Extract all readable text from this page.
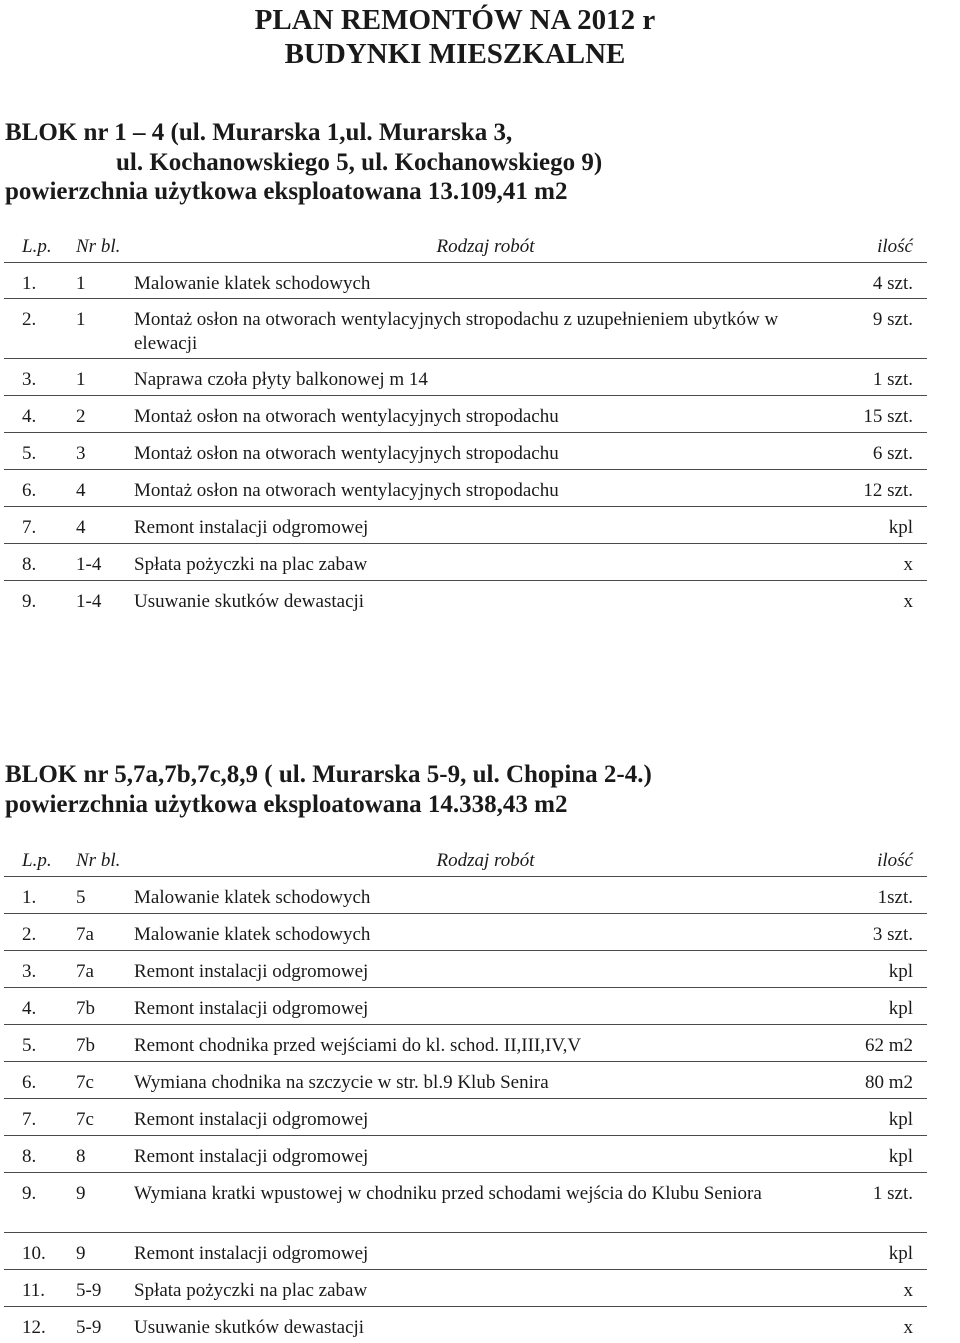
PLAN REMONTÓW NA 2012 r
BUDYNKI MIESZKALNE
BLOK nr 1 – 4 (ul. Murarska 1,ul. Murarska 3,
ul. Kochanowskiego 5, ul. Kochanowskiego 9)
powierzchnia użytkowa eksploatowana 13.109,41 m2
L.p.	Nr bl.	Rodzaj robót	ilość
1.	1	Malowanie klatek schodowych	4 szt.
2.	1	Montaż osłon na otworach wentylacyjnych stropodachu z uzupełnieniem ubytków w elewacji	9 szt.
3.	1	Naprawa czoła płyty balkonowej m 14	1 szt.
4.	2	Montaż osłon na otworach wentylacyjnych stropodachu	15 szt.
5.	3	Montaż osłon na otworach wentylacyjnych stropodachu	6 szt.
6.	4	Montaż osłon na otworach wentylacyjnych stropodachu	12 szt.
7.	4	Remont instalacji odgromowej	kpl
8.	1-4	Spłata pożyczki na plac zabaw	x
9.	1-4	Usuwanie skutków dewastacji	x
BLOK nr 5,7a,7b,7c,8,9 ( ul. Murarska 5-9, ul. Chopina 2-4.)
powierzchnia użytkowa eksploatowana 14.338,43 m2
L.p.	Nr bl.	Rodzaj robót	ilość
1.	5	Malowanie klatek schodowych	1szt.
2.	7a	Malowanie klatek schodowych	3 szt.
3.	7a	Remont instalacji odgromowej	kpl
4.	7b	Remont instalacji odgromowej	kpl
5.	7b	Remont chodnika przed wejściami do kl. schod. II,III,IV,V	62 m2
6.	7c	Wymiana chodnika na szczycie w str. bl.9 Klub Senira	80 m2
7.	7c	Remont instalacji odgromowej	kpl
8.	8	Remont instalacji odgromowej	kpl
9.	9	Wymiana kratki wpustowej w chodniku przed schodami wejścia do Klubu Seniora	1 szt.
10.	9	Remont instalacji odgromowej	kpl
11.	5-9	Spłata pożyczki na plac zabaw	x
12.	5-9	Usuwanie skutków dewastacji	x
